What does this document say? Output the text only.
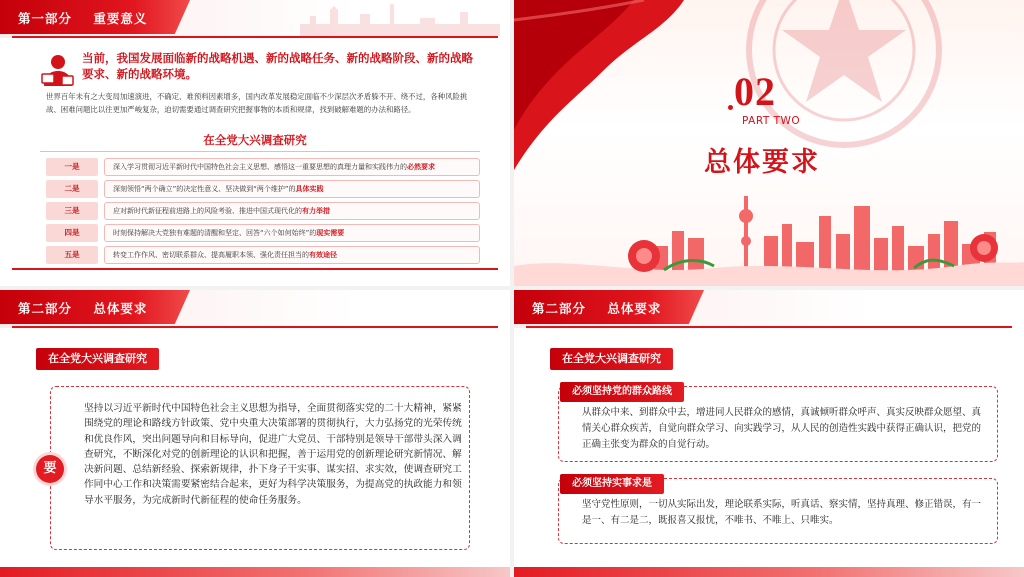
第一部分    重要意义
当前，我国发展面临新的战略机遇、新的战略任务、新的战略阶段、新的战略要求、新的战略环境。
世界百年未有之大变局加速演进，不确定、难预料因素增多，国内改革发展稳定面临不少深层次矛盾躲不开、绕不过，各种风险挑战、困难问题比以往更加严峻复杂，迫切需要通过调查研究把握事物的本质和规律，找到破解难题的办法和路径。
在全党大兴调查研究
一是	深入学习贯彻习近平新时代中国特色社会主义思想、感悟这一重要思想的真理力量和实践伟力的必然要求
二是	深刻领悟“两个确立”的决定性意义、坚决做到“两个维护”的具体实践
三是	应对新时代新征程前进路上的风险考验、推进中国式现代化的有力举措
四是	时刻保持解决大党独有难题的清醒和坚定、回答“六个如何始终”的现实需要
五是	转变工作作风、密切联系群众、提高履职本领、强化责任担当的有效途径
02
PART TWO
总体要求
第二部分    总体要求
在全党大兴调查研究
要
坚持以习近平新时代中国特色社会主义思想为指导，全面贯彻落实党的二十大精神，紧紧围绕党的理论和路线方针政策、党中央重大决策部署的贯彻执行，大力弘扬党的光荣传统和优良作风，突出问题导向和目标导向，促进广大党员、干部特别是领导干部带头深入调查研究，不断深化对党的创新理论的认识和把握，善于运用党的创新理论研究新情况、解决新问题、总结新经验、探索新规律，扑下身子干实事、谋实招、求实效，使调查研究工作同中心工作和决策需要紧密结合起来，更好为科学决策服务，为提高党的执政能力和领导水平服务，为完成新时代新征程的使命任务服务。
第二部分    总体要求
在全党大兴调查研究
必须坚持党的群众路线
从群众中来、到群众中去，增进同人民群众的感情，真诚倾听群众呼声、真实反映群众愿望、真情关心群众疾苦，自觉向群众学习、向实践学习，从人民的创造性实践中获得正确认识，把党的正确主张变为群众的自觉行动。
必须坚持实事求是
坚守党性原则，一切从实际出发，理论联系实际，听真话、察实情，坚持真理、修正错误，有一是一、有二是二，既报喜又报忧，不唯书、不唯上、只唯实。
